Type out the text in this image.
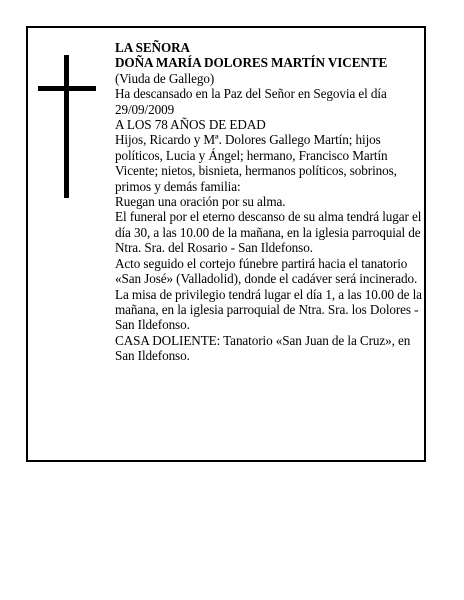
LA SEÑORA

DOÑA MARÍA DOLORES MARTÍN VICENTE

(Viuda de Gallego)

Ha descansado en la Paz del Señor en Segovia el día 29/09/2009

A LOS 78 AÑOS DE EDAD

Hijos, Ricardo y Mª. Dolores Gallego Martín; hijos políticos, Lucia y Ángel; hermano, Francisco Martín Vicente; nietos, bisnieta, hermanos políticos, sobrinos, primos y demás familia:

Ruegan una oración por su alma.

El funeral por el eterno descanso de su alma tendrá lugar el día 30, a las 10.00 de la mañana, en la iglesia parroquial de Ntra. Sra. del Rosario - San Ildefonso.

Acto seguido el cortejo fúnebre partirá hacia el tanatorio «San José» (Valladolid), donde el cadáver será incinerado.

La misa de privilegio tendrá lugar el día 1, a las 10.00 de la mañana, en la iglesia parroquial de Ntra. Sra. los Dolores - San Ildefonso.

CASA DOLIENTE: Tanatorio «San Juan de la Cruz», en San Ildefonso.
